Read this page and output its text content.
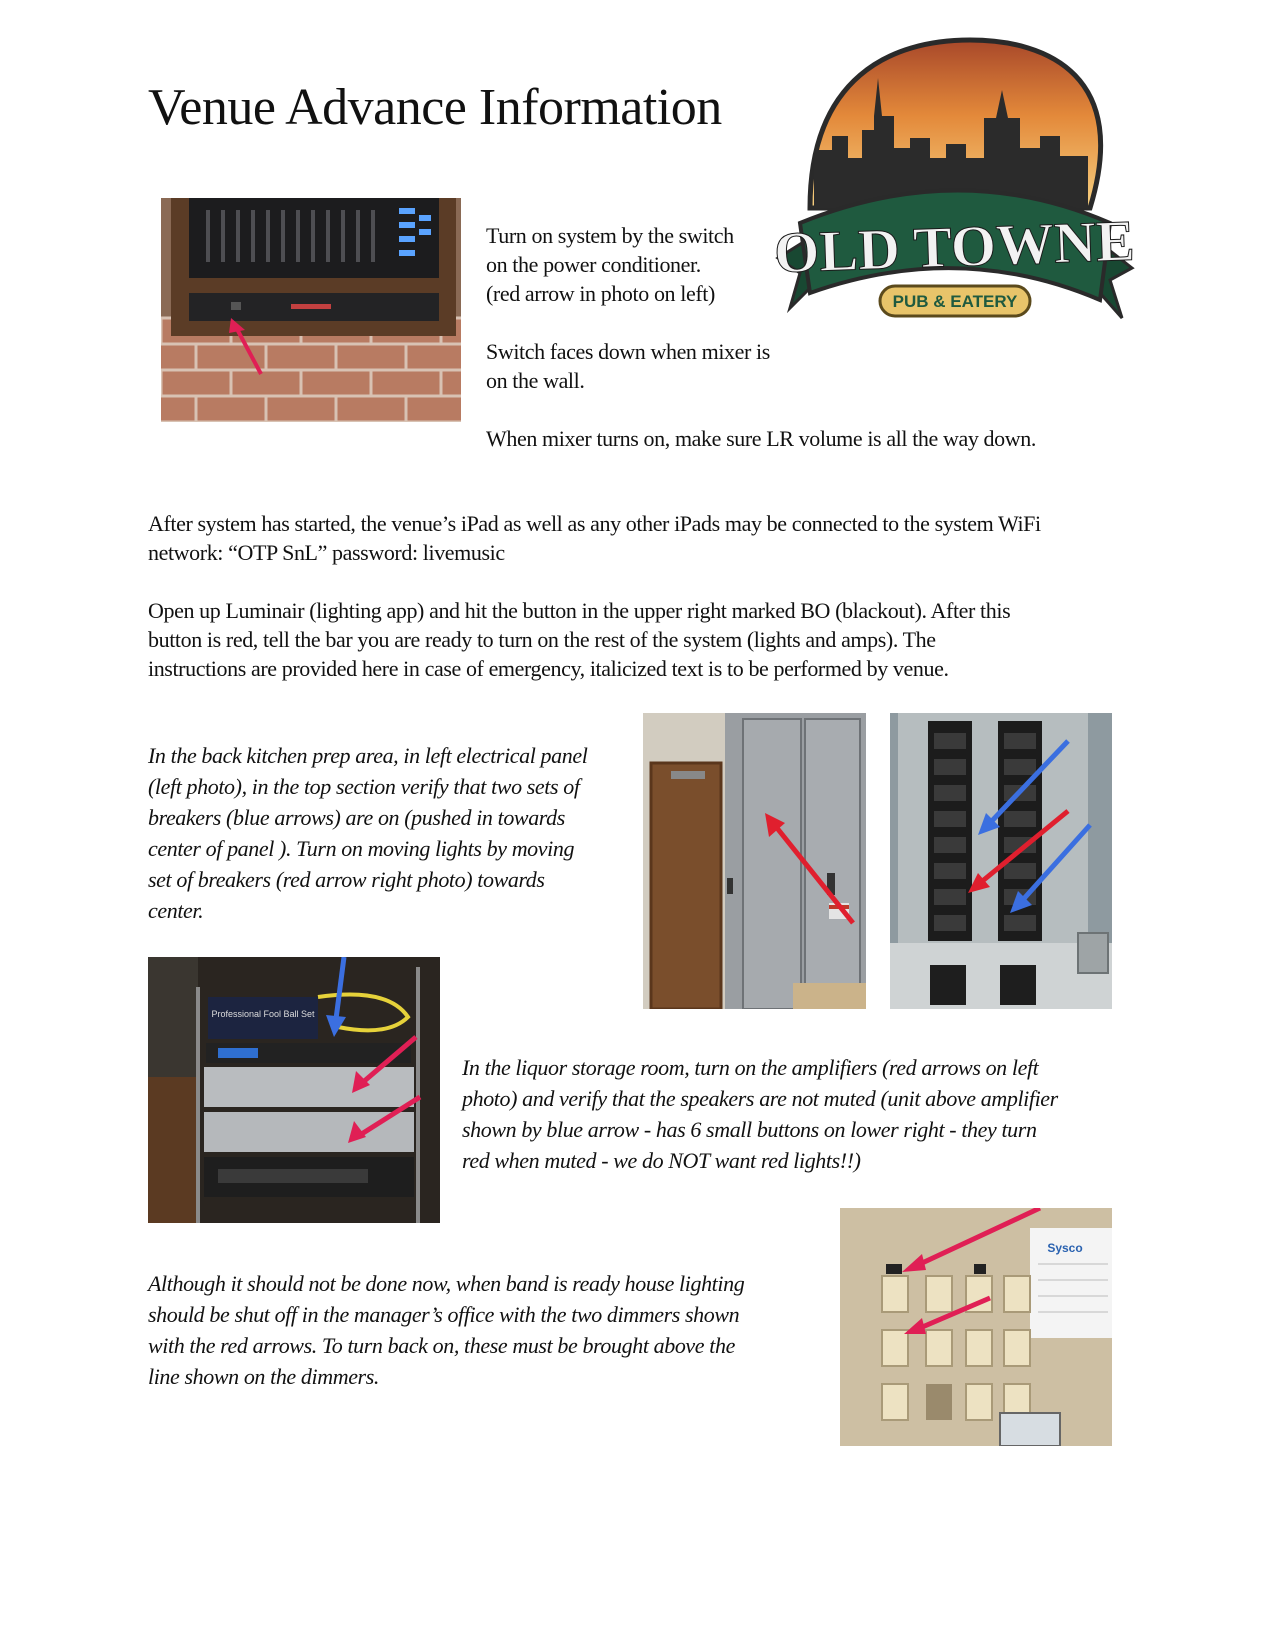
Venue Advance Information
OLD TOWNE
PUB & EATERY
Turn on system by the switch
on the power conditioner.
(red arrow in photo on left)
Switch faces down when mixer is
on the wall.
When mixer turns on, make sure LR volume is all the way down.
After system has started, the venue’s iPad as well as any other iPads may be connected to the system WiFi
network: “OTP SnL” password: livemusic
Open up Luminair (lighting app) and hit the button in the upper right marked BO (blackout). After this
button is red, tell the bar you are ready to turn on the rest of the system (lights and amps). The
instructions are provided here in case of emergency, italicized text is to be performed by venue.
In the back kitchen prep area, in left electrical panel
(left photo), in the top section verify that two sets of
breakers (blue arrows) are on (pushed in towards
center of panel ). Turn on moving lights by moving
set of breakers (red arrow right photo) towards
center.
Professional Fool Ball Set
In the liquor storage room, turn on the amplifiers (red arrows on left
photo) and verify that the speakers are not muted (unit above amplifier
shown by blue arrow - has 6 small buttons on lower right - they turn
red when muted - we do NOT want red lights!!)
Although it should not be done now, when band is ready house lighting
should be shut off in the manager’s office with the two dimmers shown
with the red arrows. To turn back on, these must be brought above the
line shown on the dimmers.
Sysco
